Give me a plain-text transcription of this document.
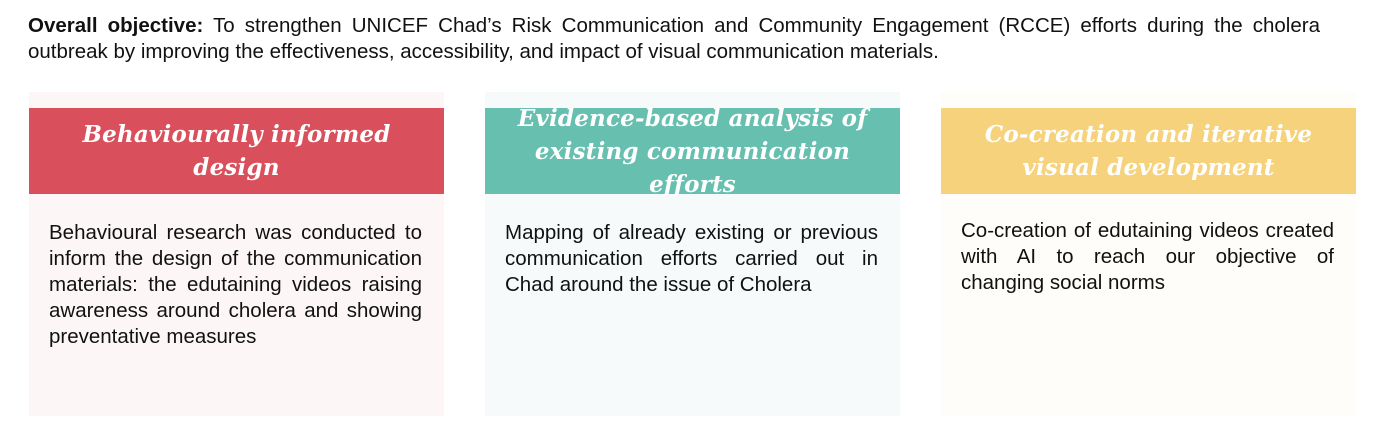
Overall objective: To strengthen UNICEF Chad’s Risk Communication and Community Engagement (RCCE) efforts during the cholera outbreak by improving the effectiveness, accessibility, and impact of visual communication materials.

Behaviourally informed design

Behavioural research was conducted to inform the design of the communication materials: the edutaining videos raising awareness around cholera and showing preventative measures

Evidence-based analysis of existing communication efforts

Mapping of already existing or previous communication efforts carried out in Chad around the issue of Cholera

Co-creation and iterative visual development

Co-creation of edutaining videos created with AI to reach our objective of changing social norms
